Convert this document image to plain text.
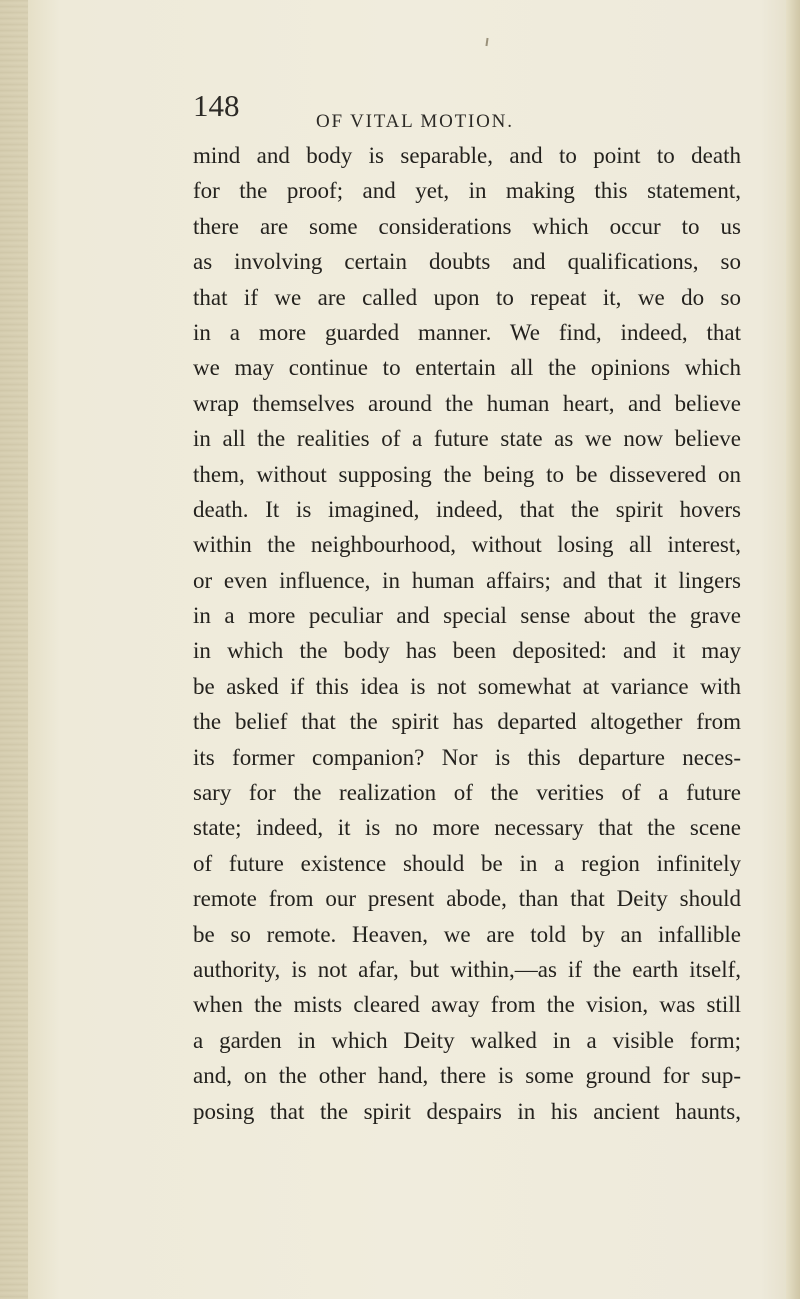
148	OF VITAL MOTION.
mind and body is separable, and to point to death
for the proof; and yet, in making this statement,
there are some considerations which occur to us
as involving certain doubts and qualifications, so
that if we are called upon to repeat it, we do so
in a more guarded manner. We find, indeed, that
we may continue to entertain all the opinions which
wrap themselves around the human heart, and believe
in all the realities of a future state as we now believe
them, without supposing the being to be dissevered on
death. It is imagined, indeed, that the spirit hovers
within the neighbourhood, without losing all interest,
or even influence, in human affairs; and that it lingers
in a more peculiar and special sense about the grave
in which the body has been deposited: and it may
be asked if this idea is not somewhat at variance with
the belief that the spirit has departed altogether from
its former companion? Nor is this departure neces-
sary for the realization of the verities of a future
state; indeed, it is no more necessary that the scene
of future existence should be in a region infinitely
remote from our present abode, than that Deity should
be so remote. Heaven, we are told by an infallible
authority, is not afar, but within,—as if the earth itself,
when the mists cleared away from the vision, was still
a garden in which Deity walked in a visible form;
and, on the other hand, there is some ground for sup-
posing that the spirit despairs in his ancient haunts,
